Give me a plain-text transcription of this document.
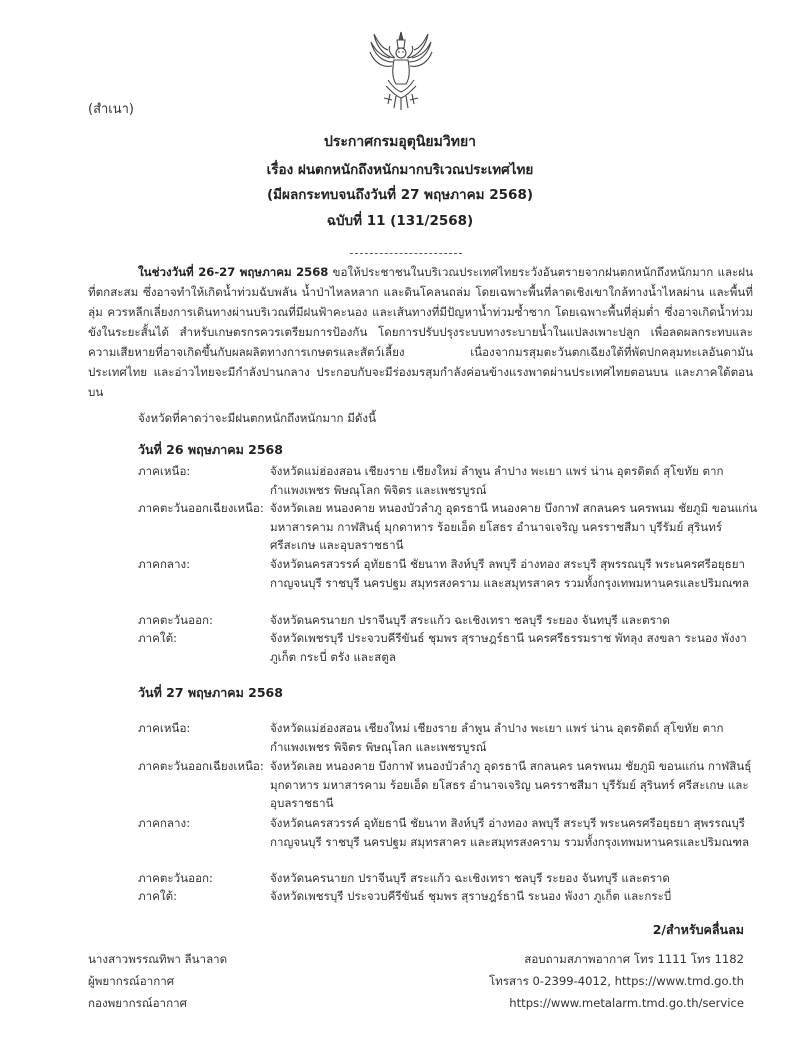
(สำเนา)
ประกาศกรมอุตุนิยมวิทยา
เรื่อง ฝนตกหนักถึงหนักมากบริเวณประเทศไทย
(มีผลกระทบจนถึงวันที่ 27 พฤษภาคม 2568)
ฉบับที่ 11 (131/2568)
ในช่วงวันที่ 26-27 พฤษภาคม 2568 ขอให้ประชาชนในบริเวณประเทศไทยระวังอันตรายจากฝนตกหนักถึงหนักมาก และฝนที่ตกสะสม ซึ่งอาจทำให้เกิดน้ำท่วมฉับพลัน น้ำป่าไหลหลาก และดินโคลนถล่ม โดยเฉพาะพื้นที่ลาดเชิงเขาใกล้ทางน้ำไหลผ่าน และพื้นที่ลุ่ม ควรหลีกเลี่ยงการเดินทางผ่านบริเวณที่มีฝนฟ้าคะนอง และเส้นทางที่มีปัญหาน้ำท่วมซ้ำซาก โดยเฉพาะพื้นที่ลุ่มต่ำ ซึ่งอาจเกิดน้ำท่วมขังในระยะสั้นได้ สำหรับเกษตรกรควรเตรียมการป้องกัน โดยการปรับปรุงระบบทางระบายน้ำในแปลงเพาะปลูก เพื่อลดผลกระทบและความเสียหายที่อาจเกิดขึ้นกับผลผลิตทางการเกษตรและสัตว์เลี้ยง เนื่องจากมรสุมตะวันตกเฉียงใต้ที่พัดปกคลุมทะเลอันดามัน ประเทศไทย และอ่าวไทยจะมีกำลังปานกลาง ประกอบกับจะมีร่องมรสุมกำลังค่อนข้างแรงพาดผ่านประเทศไทยตอนบน และภาคใต้ตอนบน
จังหวัดที่คาดว่าจะมีฝนตกหนักถึงหนักมาก มีดังนี้
วันที่ 26 พฤษภาคม 2568
ภาคเหนือ:	จังหวัดแม่ฮ่องสอน เชียงราย เชียงใหม่ ลำพูน ลำปาง พะเยา แพร่ น่าน อุตรดิตถ์ สุโขทัย ตาก กำแพงเพชร พิษณุโลก พิจิตร และเพชรบูรณ์
ภาคตะวันออกเฉียงเหนือ: จังหวัดเลย หนองคาย หนองบัวลำภู อุดรธานี หนองคาย บึงกาฬ สกลนคร นครพนม ชัยภูมิ ขอนแก่น มหาสารคาม กาฬสินธุ์ มุกดาหาร ร้อยเอ็ด ยโสธร อำนาจเจริญ นครราชสีมา บุรีรัมย์ สุรินทร์ ศรีสะเกษ และอุบลราชธานี
ภาคกลาง:	จังหวัดนครสวรรค์ อุทัยธานี ชัยนาท สิงห์บุรี ลพบุรี อ่างทอง สระบุรี สุพรรณบุรี พระนครศรีอยุธยา กาญจนบุรี ราชบุรี นครปฐม สมุทรสงคราม และสมุทรสาคร รวมทั้งกรุงเทพมหานครและปริมณฑล
ภาคตะวันออก:	จังหวัดนครนายก ปราจีนบุรี สระแก้ว ฉะเชิงเทรา ชลบุรี ระยอง จันทบุรี และตราด
ภาคใต้:	จังหวัดเพชรบุรี ประจวบคีรีขันธ์ ชุมพร สุราษฎร์ธานี นครศรีธรรมราช พัทลุง สงขลา ระนอง พังงา ภูเก็ต กระบี่ ตรัง และสตูล
วันที่ 27 พฤษภาคม 2568
ภาคเหนือ:	จังหวัดแม่ฮ่องสอน เชียงใหม่ เชียงราย ลำพูน ลำปาง พะเยา แพร่ น่าน อุตรดิตถ์ สุโขทัย ตาก กำแพงเพชร พิจิตร พิษณุโลก และเพชรบูรณ์
ภาคตะวันออกเฉียงเหนือ: จังหวัดเลย หนองคาย บึงกาฬ หนองบัวลำภู อุดรธานี สกลนคร นครพนม ชัยภูมิ ขอนแก่น กาฬสินธุ์ มุกดาหาร มหาสารคาม ร้อยเอ็ด ยโสธร อำนาจเจริญ นครราชสีมา บุรีรัมย์ สุรินทร์ ศรีสะเกษ และอุบลราชธานี
ภาคกลาง:	จังหวัดนครสวรรค์ อุทัยธานี ชัยนาท สิงห์บุรี อ่างทอง ลพบุรี สระบุรี พระนครศรีอยุธยา สุพรรณบุรี กาญจนบุรี ราชบุรี นครปฐม สมุทรสาคร และสมุทรสงคราม รวมทั้งกรุงเทพมหานครและปริมณฑล
ภาคตะวันออก:	จังหวัดนครนายก ปราจีนบุรี สระแก้ว ฉะเชิงเทรา ชลบุรี ระยอง จันทบุรี และตราด
ภาคใต้:	จังหวัดเพชรบุรี ประจวบคีรีขันธ์ ชุมพร สุราษฎร์ธานี ระนอง พังงา ภูเก็ต และกระบี่
2/สำหรับคลื่นลม
นางสาวพรรณทิพา ลีนาลาด
ผู้พยากรณ์อากาศ
กองพยากรณ์อากาศ
สอบถามสภาพอากาศ โทร 1111 โทร 1182
โทรสาร 0-2399-4012, https://www.tmd.go.th
https://www.metalarm.tmd.go.th/service
